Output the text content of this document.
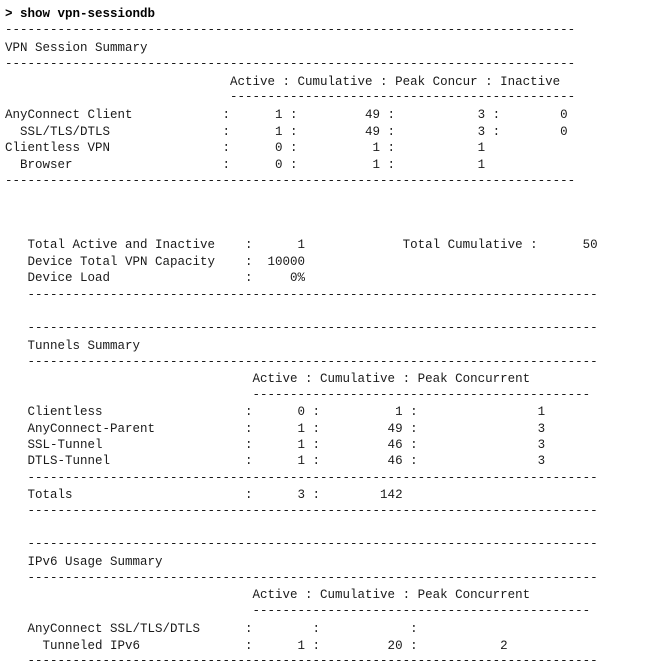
> show vpn-sessiondb
----------------------------------------------------------------------------
VPN Session Summary
----------------------------------------------------------------------------
Active : Cumulative : Peak Concur : Inactive
----------------------------------------------
AnyConnect Client            :      1 :         49 :           3 :        0
SSL/TLS/DTLS               :      1 :         49 :           3 :        0
Clientless VPN               :      0 :          1 :           1
Browser                    :      0 :          1 :           1
----------------------------------------------------------------------------
Total Active and Inactive    :      1             Total Cumulative :      50
Device Total VPN Capacity    :  10000
Device Load                  :     0%
----------------------------------------------------------------------------
----------------------------------------------------------------------------
Tunnels Summary
----------------------------------------------------------------------------
Active : Cumulative : Peak Concurrent
---------------------------------------------
Clientless                   :      0 :          1 :                1
AnyConnect-Parent            :      1 :         49 :                3
SSL-Tunnel                   :      1 :         46 :                3
DTLS-Tunnel                  :      1 :         46 :                3
----------------------------------------------------------------------------
Totals                       :      3 :        142
----------------------------------------------------------------------------
----------------------------------------------------------------------------
IPv6 Usage Summary
----------------------------------------------------------------------------
Active : Cumulative : Peak Concurrent
---------------------------------------------
AnyConnect SSL/TLS/DTLS      :        :            :
Tunneled IPv6              :      1 :         20 :           2
----------------------------------------------------------------------------
